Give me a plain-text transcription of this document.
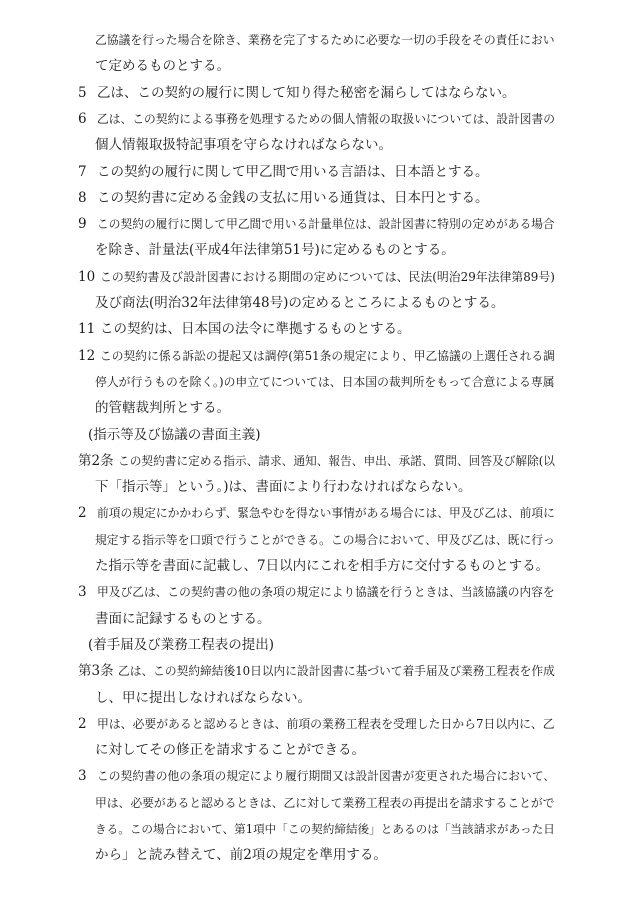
乙協議を行った場合を除き、業務を完了するために必要な一切の手段をその責任におい
て定めるものとする。
5 乙は、この契約の履行に関して知り得た秘密を漏らしてはならない。
6 乙は、この契約による事務を処理するための個人情報の取扱いについては、設計図書の
個人情報取扱特記事項を守らなければならない。
7 この契約の履行に関して甲乙間で用いる言語は、日本語とする。
8 この契約書に定める金銭の支払に用いる通貨は、日本円とする。
9 この契約の履行に関して甲乙間で用いる計量単位は、設計図書に特別の定めがある場合
を除き、計量法(平成4年法律第51号)に定めるものとする。
10 この契約書及び設計図書における期間の定めについては、民法(明治29年法律第89号)
及び商法(明治32年法律第48号)の定めるところによるものとする。
11 この契約は、日本国の法令に準拠するものとする。
12 この契約に係る訴訟の提起又は調停(第51条の規定により、甲乙協議の上選任される調
停人が行うものを除く。)の申立てについては、日本国の裁判所をもって合意による専属
的管轄裁判所とする。
(指示等及び協議の書面主義)
第2条 この契約書に定める指示、請求、通知、報告、申出、承諾、質問、回答及び解除(以
下「指示等」という。)は、書面により行わなければならない。
2 前項の規定にかかわらず、緊急やむを得ない事情がある場合には、甲及び乙は、前項に
規定する指示等を口頭で行うことができる。この場合において、甲及び乙は、既に行っ
た指示等を書面に記載し、7日以内にこれを相手方に交付するものとする。
3 甲及び乙は、この契約書の他の条項の規定により協議を行うときは、当該協議の内容を
書面に記録するものとする。
(着手届及び業務工程表の提出)
第3条 乙は、この契約締結後10日以内に設計図書に基づいて着手届及び業務工程表を作成
し、甲に提出しなければならない。
2 甲は、必要があると認めるときは、前項の業務工程表を受理した日から7日以内に、乙
に対してその修正を請求することができる。
3 この契約書の他の条項の規定により履行期間又は設計図書が変更された場合において、
甲は、必要があると認めるときは、乙に対して業務工程表の再提出を請求することがで
きる。この場合において、第1項中「この契約締結後」とあるのは「当該請求があった日
から」と読み替えて、前2項の規定を準用する。
